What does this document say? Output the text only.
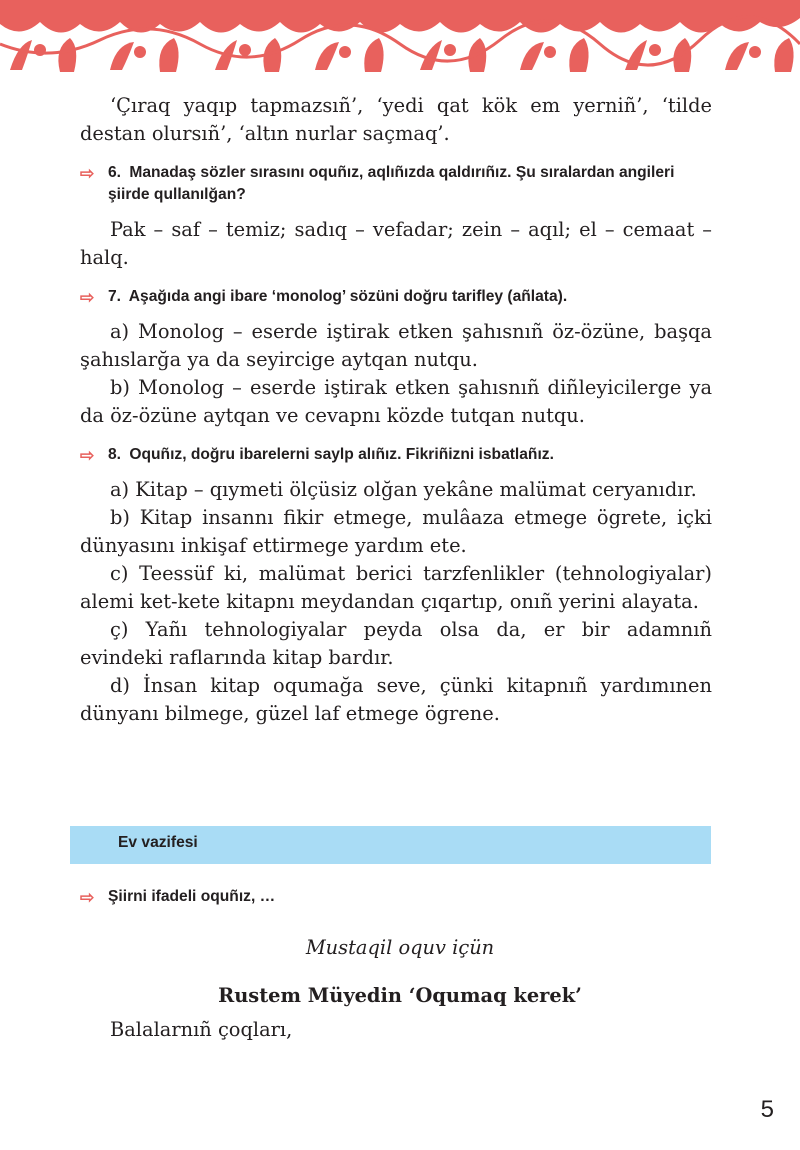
‘Çıraq yaqıp tapmazsıñ’, ‘yedi qat kök em yerniñ’, ‘tilde destan olursıñ’, ‘altın nurlar saçmaq’.

⇨ 6. Manadaş sözler sırasını oquñız, aqlıñızda qaldırıñız. Şu sıralardan angileri şiirde qullanılğan?

Pak – saf – temiz; sadıq – vefadar; zein – aqıl; el – cemaat – halq.

⇨ 7. Aşağıda angi ibare ‘monolog’ sözüni doğru tarifley (añlata).

a) Monolog – eserde iştirak etken şahısnıñ öz-özüne, başqa şahıslarğa ya da seyircige aytqan nutqu.

b) Monolog – eserde iştirak etken şahısnıñ diñleyicilerge ya da öz-özüne aytqan ve cevapnı közde tutqan nutqu.

⇨ 8. Oquñız, doğru ibarelerni saylp alıñız. Fikriñizni isbatlañız.

a) Kitap – qıymeti ölçüsiz olğan yekâne malümat ceryanıdır.

b) Kitap insannı fikir etmege, mulâaza etmege ögrete, içki dünyasını inkişaf ettirmege yardım ete.

c) Teessüf ki, malümat berici tarzfenlikler (tehnologiyalar) alemi ket-kete kitapnı meydandan çıqartıp, onıñ yerini alayata.

ç) Yañı tehnologiyalar peyda olsa da, er bir adamnıñ evindeki raflarında kitap bardır.

d) İnsan kitap oqumağa seve, çünki kitapnıñ yardımınen dünyanı bilmege, güzel laf etmege ögrene.

Ev vazifesi
⇨ Şiirni ifadeli oquñız, …
Mustaqil oquv içün
Rustem Müyedin ‘Oqumaq kerek’
Balalarnıñ çoqları,
5
